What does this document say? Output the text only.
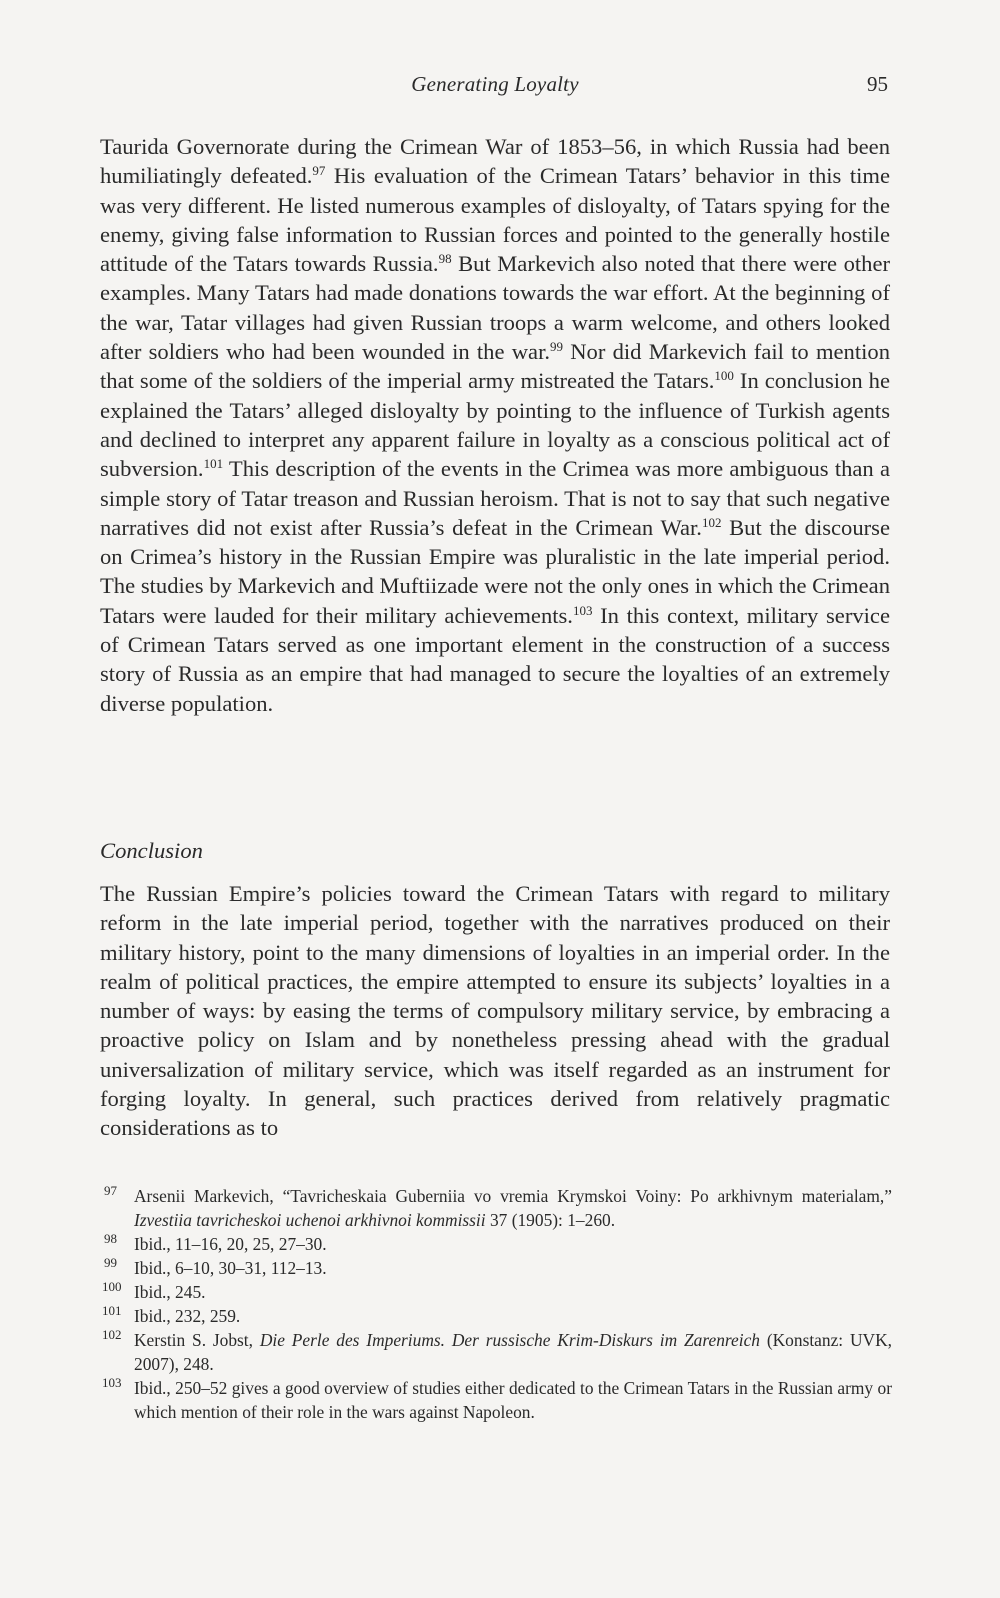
Generating Loyalty	95

Taurida Governorate during the Crimean War of 1853–56, in which Russia had been humiliatingly defeated.$^{97}$ His evaluation of the Crimean Tatars’ behavior in this time was very different. He listed numerous examples of disloyalty, of Tatars spying for the enemy, giving false information to Russian forces and pointed to the generally hostile attitude of the Tatars towards Russia.$^{98}$ But Markevich also noted that there were other examples. Many Tatars had made donations towards the war effort. At the beginning of the war, Tatar villages had given Russian troops a warm welcome, and others looked after soldiers who had been wounded in the war.$^{99}$ Nor did Markevich fail to mention that some of the soldiers of the imperial army mistreated the Tatars.$^{100}$ In conclusion he explained the Tatars’ alleged disloyalty by pointing to the influence of Turkish agents and declined to interpret any apparent failure in loyalty as a conscious political act of subversion.$^{101}$ This description of the events in the Crimea was more ambiguous than a simple story of Tatar treason and Russian heroism. That is not to say that such negative narratives did not exist after Russia’s defeat in the Crimean War.$^{102}$ But the discourse on Crimea’s history in the Russian Empire was pluralistic in the late imperial period. The studies by Markevich and Muftiizade were not the only ones in which the Crimean Tatars were lauded for their military achievements.$^{103}$ In this context, military service of Crimean Tatars served as one important element in the construction of a success story of Russia as an empire that had managed to secure the loyalties of an extremely diverse population.

Conclusion

The Russian Empire’s policies toward the Crimean Tatars with regard to military reform in the late imperial period, together with the narratives produced on their military history, point to the many dimensions of loyalties in an imperial order. In the realm of political practices, the empire attempted to ensure its subjects’ loyalties in a number of ways: by easing the terms of compulsory military service, by embracing a proactive policy on Islam and by nonetheless pressing ahead with the gradual universalization of military service, which was itself regarded as an instrument for forging loyalty. In general, such practices derived from relatively pragmatic considerations as to

97 Arsenii Markevich, “Tavricheskaia Guberniia vo vremia Krymskoi Voiny: Po arkhivnym materialam,” Izvestiia tavricheskoi uchenoi arkhivnoi kommissii 37 (1905): 1–260.

98 Ibid., 11–16, 20, 25, 27–30.

99 Ibid., 6–10, 30–31, 112–13.

100 Ibid., 245.

101 Ibid., 232, 259.

102 Kerstin S. Jobst, Die Perle des Imperiums. Der russische Krim-Diskurs im Zarenreich (Konstanz: UVK, 2007), 248.

103 Ibid., 250–52 gives a good overview of studies either dedicated to the Crimean Tatars in the Russian army or which mention of their role in the wars against Napoleon.
